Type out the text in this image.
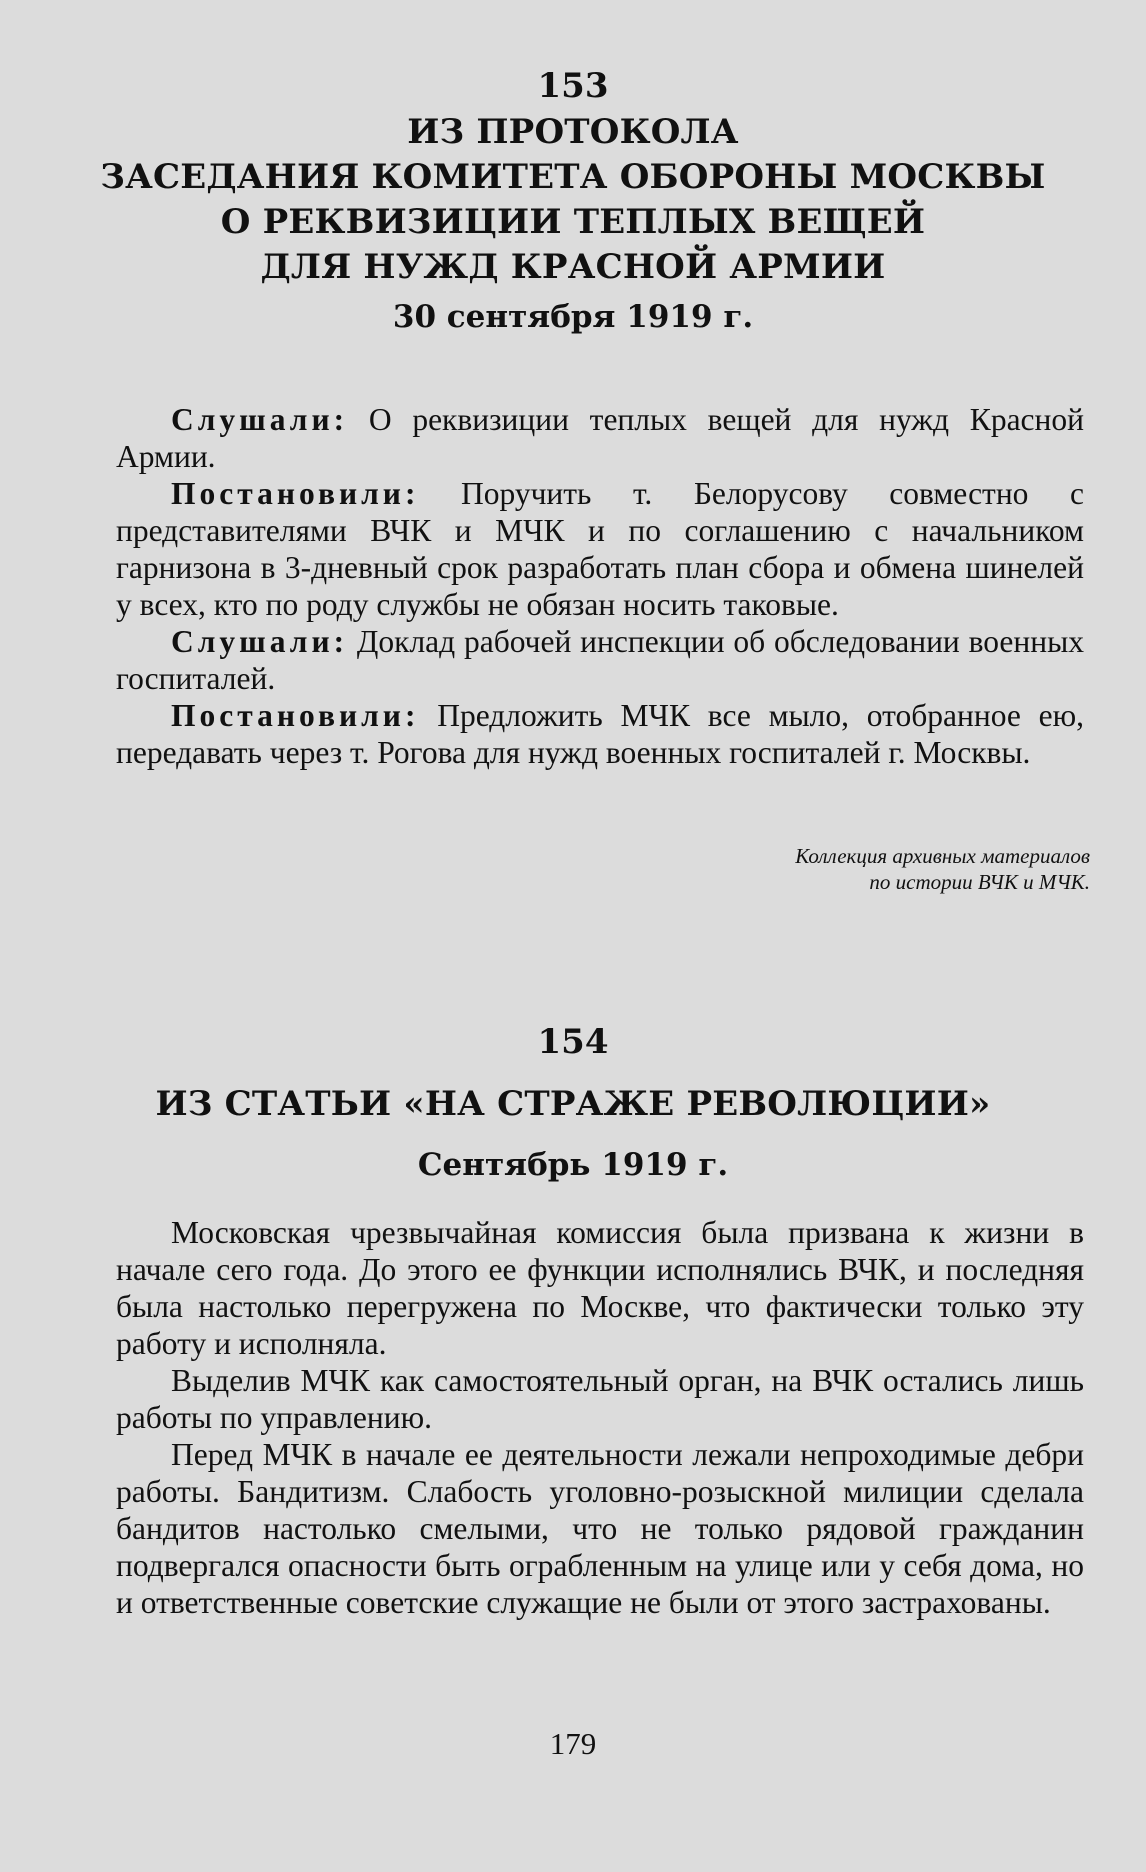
153
ИЗ ПРОТОКОЛА
ЗАСЕДАНИЯ КОМИТЕТА ОБОРОНЫ МОСКВЫ
О РЕКВИЗИЦИИ ТЕПЛЫХ ВЕЩЕЙ
ДЛЯ НУЖД КРАСНОЙ АРМИИ
30 сентября 1919 г.

Слушали: О реквизиции теплых вещей для нужд Красной Армии.

Постановили: Поручить т. Белорусову совместно с представителями ВЧК и МЧК и по соглашению с начальником гарнизона в 3-дневный срок разработать план сбора и обмена шинелей у всех, кто по роду службы не обязан носить таковые.

Слушали: Доклад рабочей инспекции об обследовании военных госпиталей.

Постановили: Предложить МЧК все мыло, отобранное ею, передавать через т. Рогова для нужд военных госпиталей г. Москвы.

Коллекция архивных материалов
по истории ВЧК и МЧК.
154
ИЗ СТАТЬИ «НА СТРАЖЕ РЕВОЛЮЦИИ»
Сентябрь 1919 г.

Московская чрезвычайная комиссия была призвана к жизни в начале сего года. До этого ее функции исполнялись ВЧК, и последняя была настолько перегружена по Москве, что фактически только эту работу и исполняла.

Выделив МЧК как самостоятельный орган, на ВЧК остались лишь работы по управлению.

Перед МЧК в начале ее деятельности лежали непроходимые дебри работы. Бандитизм. Слабость уголовно-розыскной милиции сделала бандитов настолько смелыми, что не только рядовой гражданин подвергался опасности быть ограбленным на улице или у себя дома, но и ответственные советские служащие не были от этого застрахованы.

179
